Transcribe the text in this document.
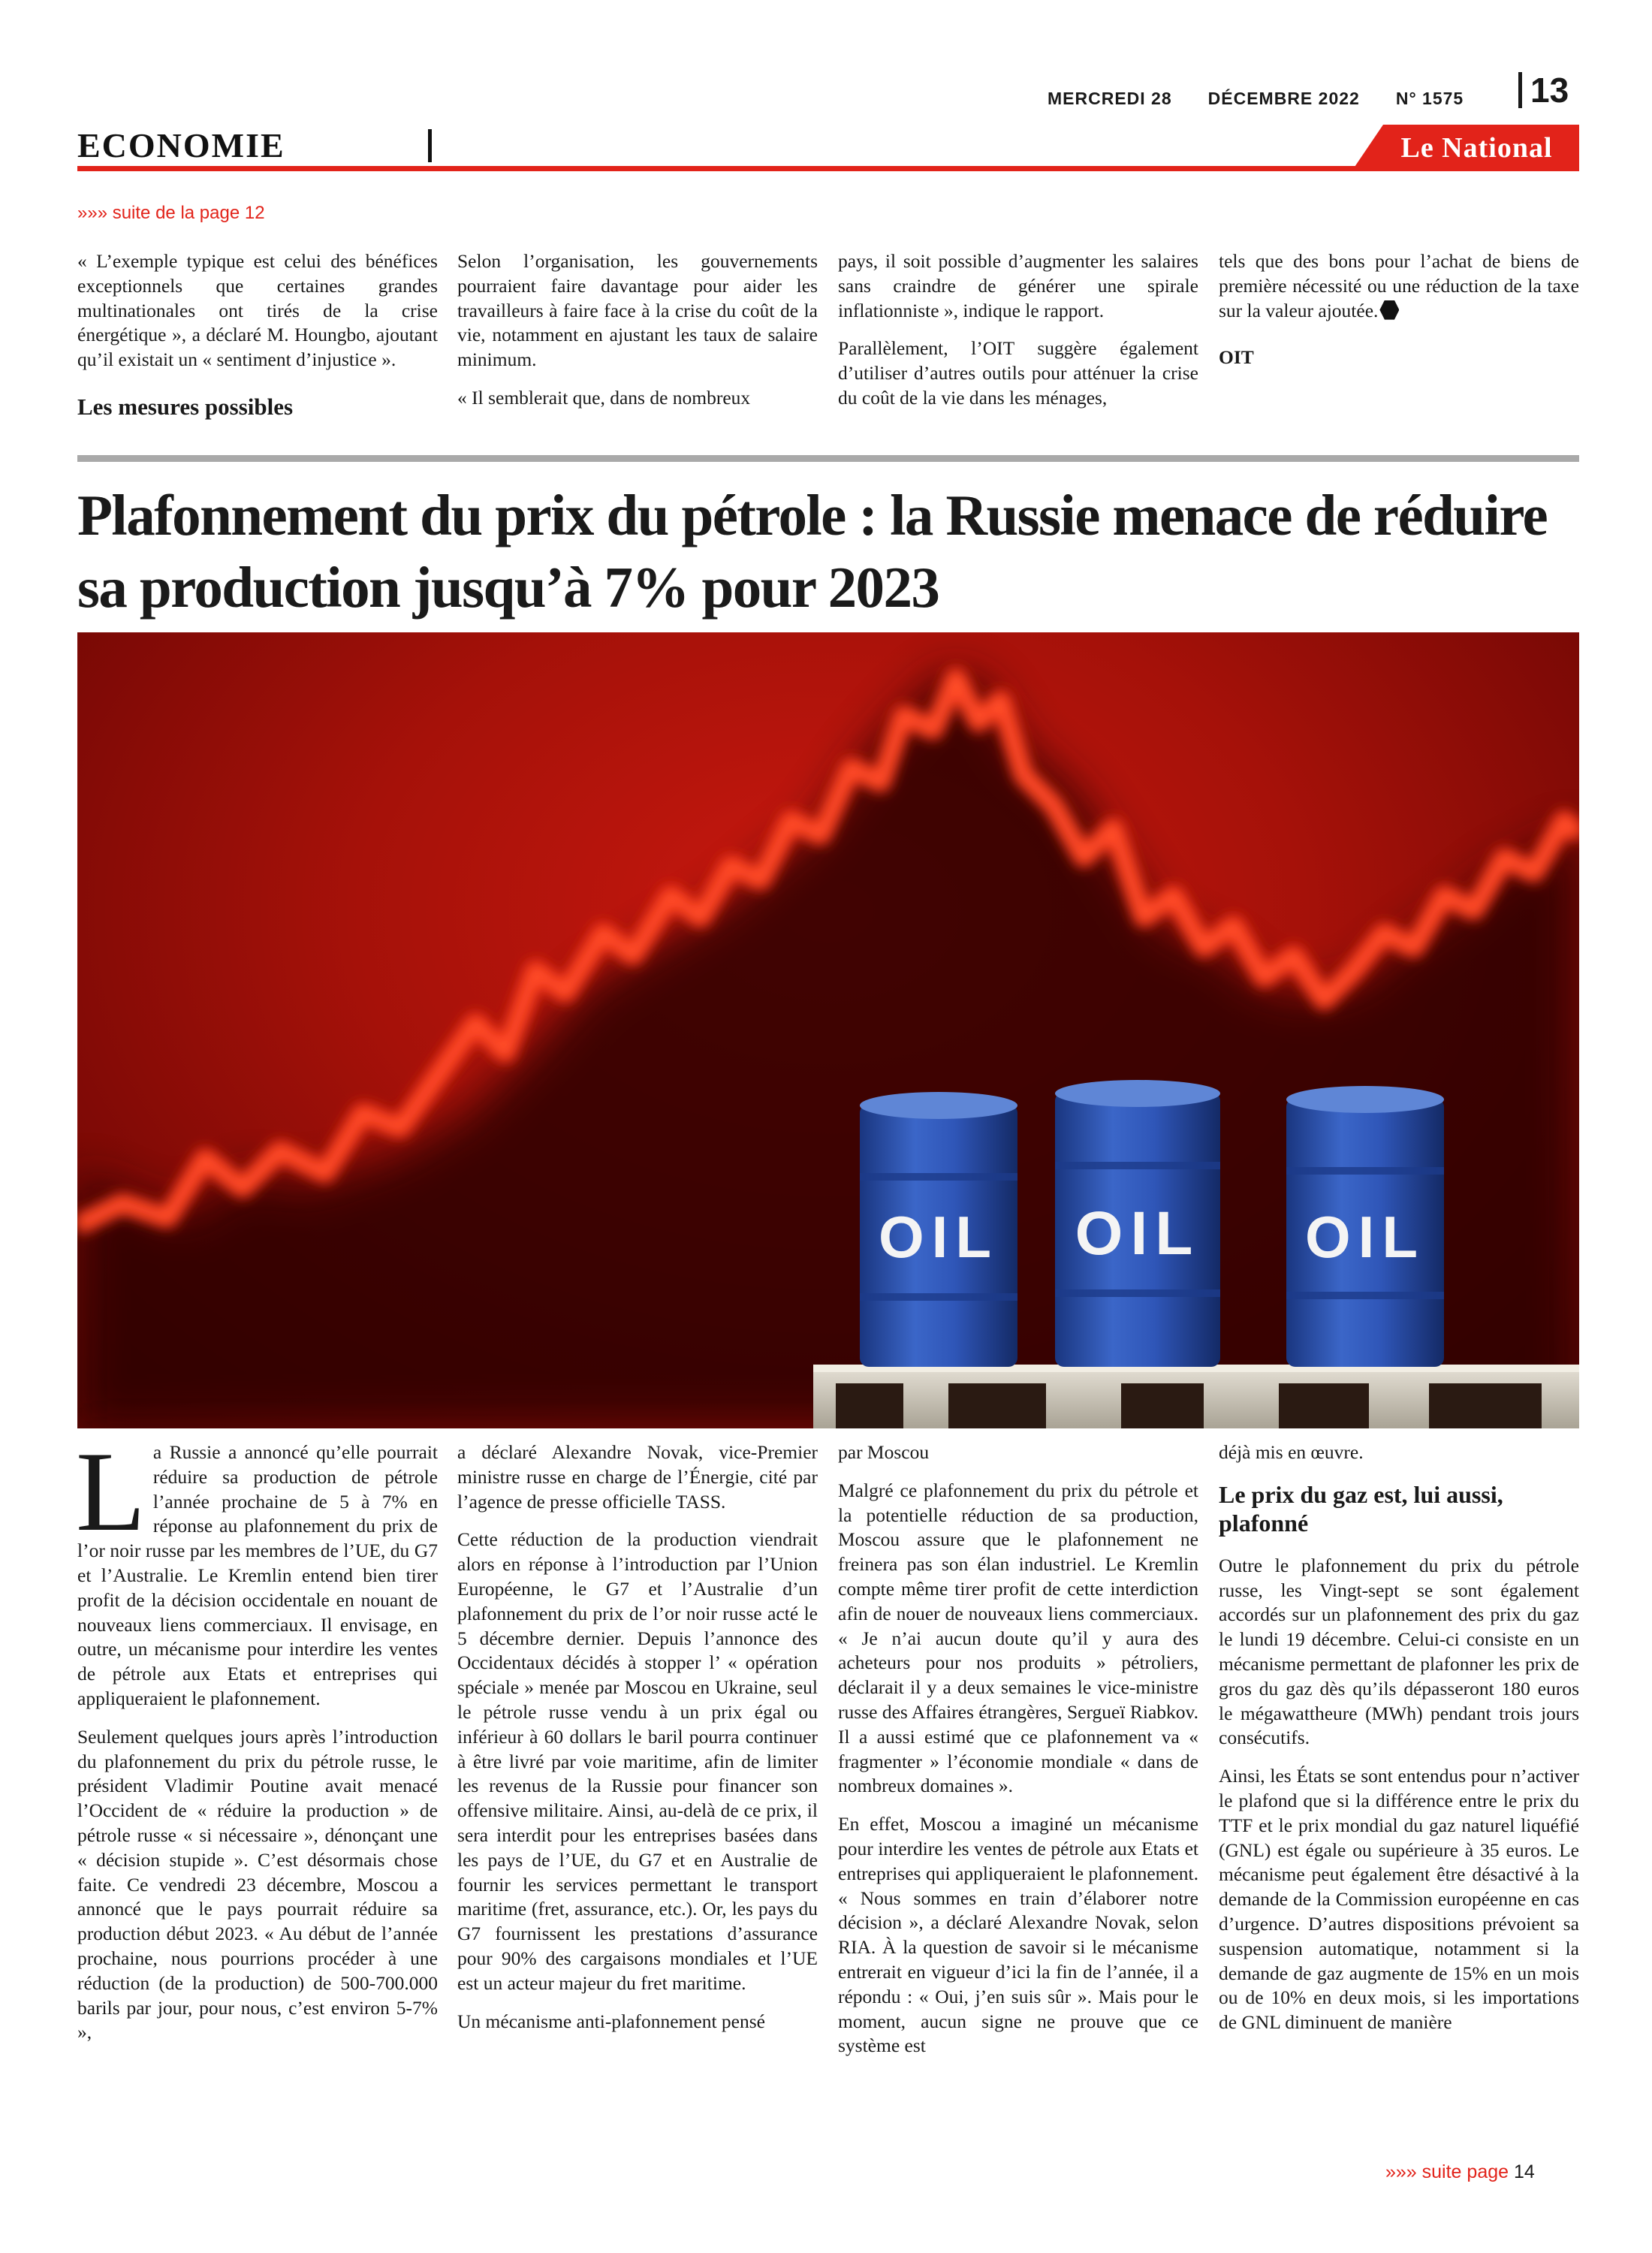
MERCREDI 28 DÉCEMBRE 2022 N° 1575	13
ECONOMIE	Le National
»»» suite de la page 12

« L’exemple typique est celui des bénéfices exceptionnels que certaines grandes multinationales ont tirés de la crise énergétique », a déclaré M. Houngbo, ajoutant qu’il existait un « sentiment d’injustice ».

Les mesures possibles

Selon l’organisation, les gouvernements pourraient faire davantage pour aider les travailleurs à faire face à la crise du coût de la vie, notamment en ajustant les taux de salaire minimum.

« Il semblerait que, dans de nombreux

pays, il soit possible d’augmenter les salaires sans craindre de générer une spirale inflationniste », indique le rapport.

Parallèlement, l’OIT suggère également d’utiliser d’autres outils pour atténuer la crise du coût de la vie dans les ménages,

tels que des bons pour l’achat de biens de première nécessité ou une réduction de la taxe sur la valeur ajoutée.

OIT
Plafonnement du prix du pétrole : la Russie menace de réduire sa production jusqu’à 7% pour 2023
OIL OIL OIL

La Russie a annoncé qu’elle pourrait réduire sa production de pétrole l’année prochaine de 5 à 7% en réponse au plafonnement du prix de l’or noir russe par les membres de l’UE, du G7 et l’Australie. Le Kremlin entend bien tirer profit de la décision occidentale en nouant de nouveaux liens commerciaux. Il envisage, en outre, un mécanisme pour interdire les ventes de pétrole aux Etats et entreprises qui appliqueraient le plafonnement.

Seulement quelques jours après l’introduction du plafonnement du prix du pétrole russe, le président Vladimir Poutine avait menacé l’Occident de « réduire la production » de pétrole russe « si nécessaire », dénonçant une « décision stupide ». C’est désormais chose faite. Ce vendredi 23 décembre, Moscou a annoncé que le pays pourrait réduire sa production début 2023. « Au début de l’année prochaine, nous pourrions procéder à une réduction (de la production) de 500-700.000 barils par jour, pour nous, c’est environ 5-7% »,

a déclaré Alexandre Novak, vice-Premier ministre russe en charge de l’Énergie, cité par l’agence de presse officielle TASS.

Cette réduction de la production viendrait alors en réponse à l’introduction par l’Union Européenne, le G7 et l’Australie d’un plafonnement du prix de l’or noir russe acté le 5 décembre dernier. Depuis l’annonce des Occidentaux décidés à stopper l’ « opération spéciale » menée par Moscou en Ukraine, seul le pétrole russe vendu à un prix égal ou inférieur à 60 dollars le baril pourra continuer à être livré par voie maritime, afin de limiter les revenus de la Russie pour financer son offensive militaire. Ainsi, au-delà de ce prix, il sera interdit pour les entreprises basées dans les pays de l’UE, du G7 et en Australie de fournir les services permettant le transport maritime (fret, assurance, etc.). Or, les pays du G7 fournissent les prestations d’assurance pour 90% des cargaisons mondiales et l’UE est un acteur majeur du fret maritime.

Un mécanisme anti-plafonnement pensé

par Moscou

Malgré ce plafonnement du prix du pétrole et la potentielle réduction de sa production, Moscou assure que le plafonnement ne freinera pas son élan industriel. Le Kremlin compte même tirer profit de cette interdiction afin de nouer de nouveaux liens commerciaux. « Je n’ai aucun doute qu’il y aura des acheteurs pour nos produits » pétroliers, déclarait il y a deux semaines le vice-ministre russe des Affaires étrangères, Sergueï Riabkov. Il a aussi estimé que ce plafonnement va « fragmenter » l’économie mondiale « dans de nombreux domaines ».

En effet, Moscou a imaginé un mécanisme pour interdire les ventes de pétrole aux Etats et entreprises qui appliqueraient le plafonnement. « Nous sommes en train d’élaborer notre décision », a déclaré Alexandre Novak, selon RIA. À la question de savoir si le mécanisme entrerait en vigueur d’ici la fin de l’année, il a répondu : « Oui, j’en suis sûr ». Mais pour le moment, aucun signe ne prouve que ce système est

déjà mis en œuvre.

Le prix du gaz est, lui aussi, plafonné

Outre le plafonnement du prix du pétrole russe, les Vingt-sept se sont également accordés sur un plafonnement des prix du gaz le lundi 19 décembre. Celui-ci consiste en un mécanisme permettant de plafonner les prix de gros du gaz dès qu’ils dépasseront 180 euros le mégawattheure (MWh) pendant trois jours consécutifs.

Ainsi, les États se sont entendus pour n’activer le plafond que si la différence entre le prix du TTF et le prix mondial du gaz naturel liquéfié (GNL) est égale ou supérieure à 35 euros. Le mécanisme peut également être désactivé à la demande de la Commission européenne en cas d’urgence. D’autres dispositions prévoient sa suspension automatique, notamment si la demande de gaz augmente de 15% en un mois ou de 10% en deux mois, si les importations de GNL diminuent de manière

»»» suite page 14
